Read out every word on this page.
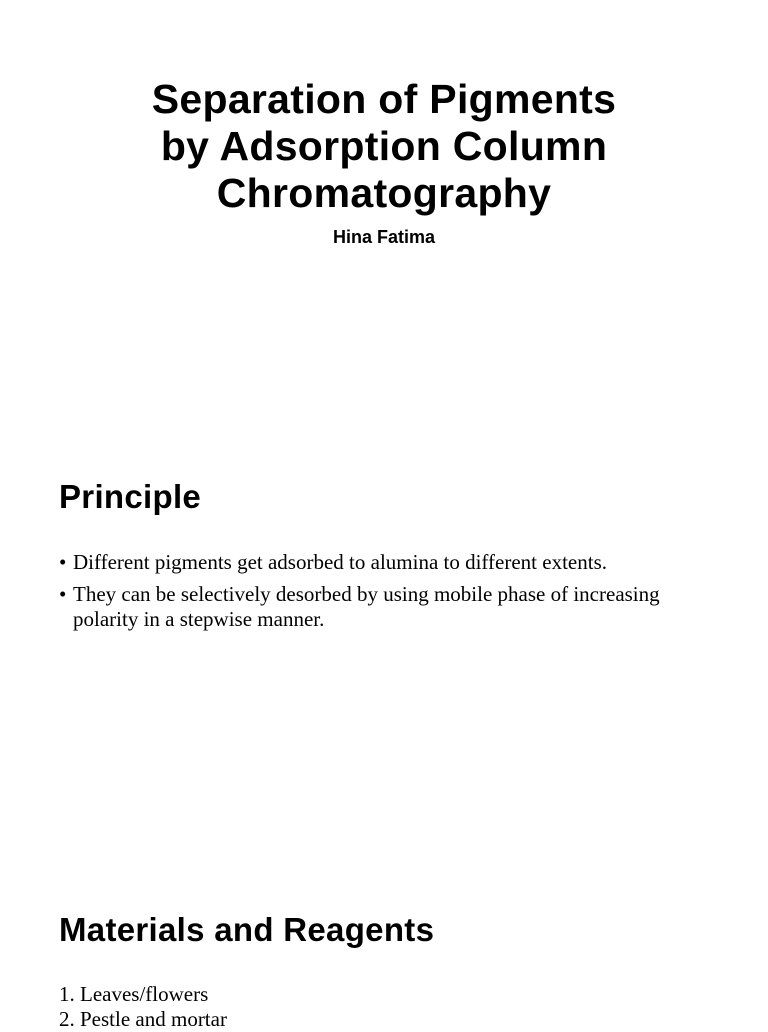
Separation of Pigments
by Adsorption Column
Chromatography
Hina Fatima
Principle
• Different pigments get adsorbed to alumina to different extents.
• They can be selectively desorbed by using mobile phase of increasing polarity in a stepwise manner.
Materials and Reagents
1. Leaves/flowers
2. Pestle and mortar
